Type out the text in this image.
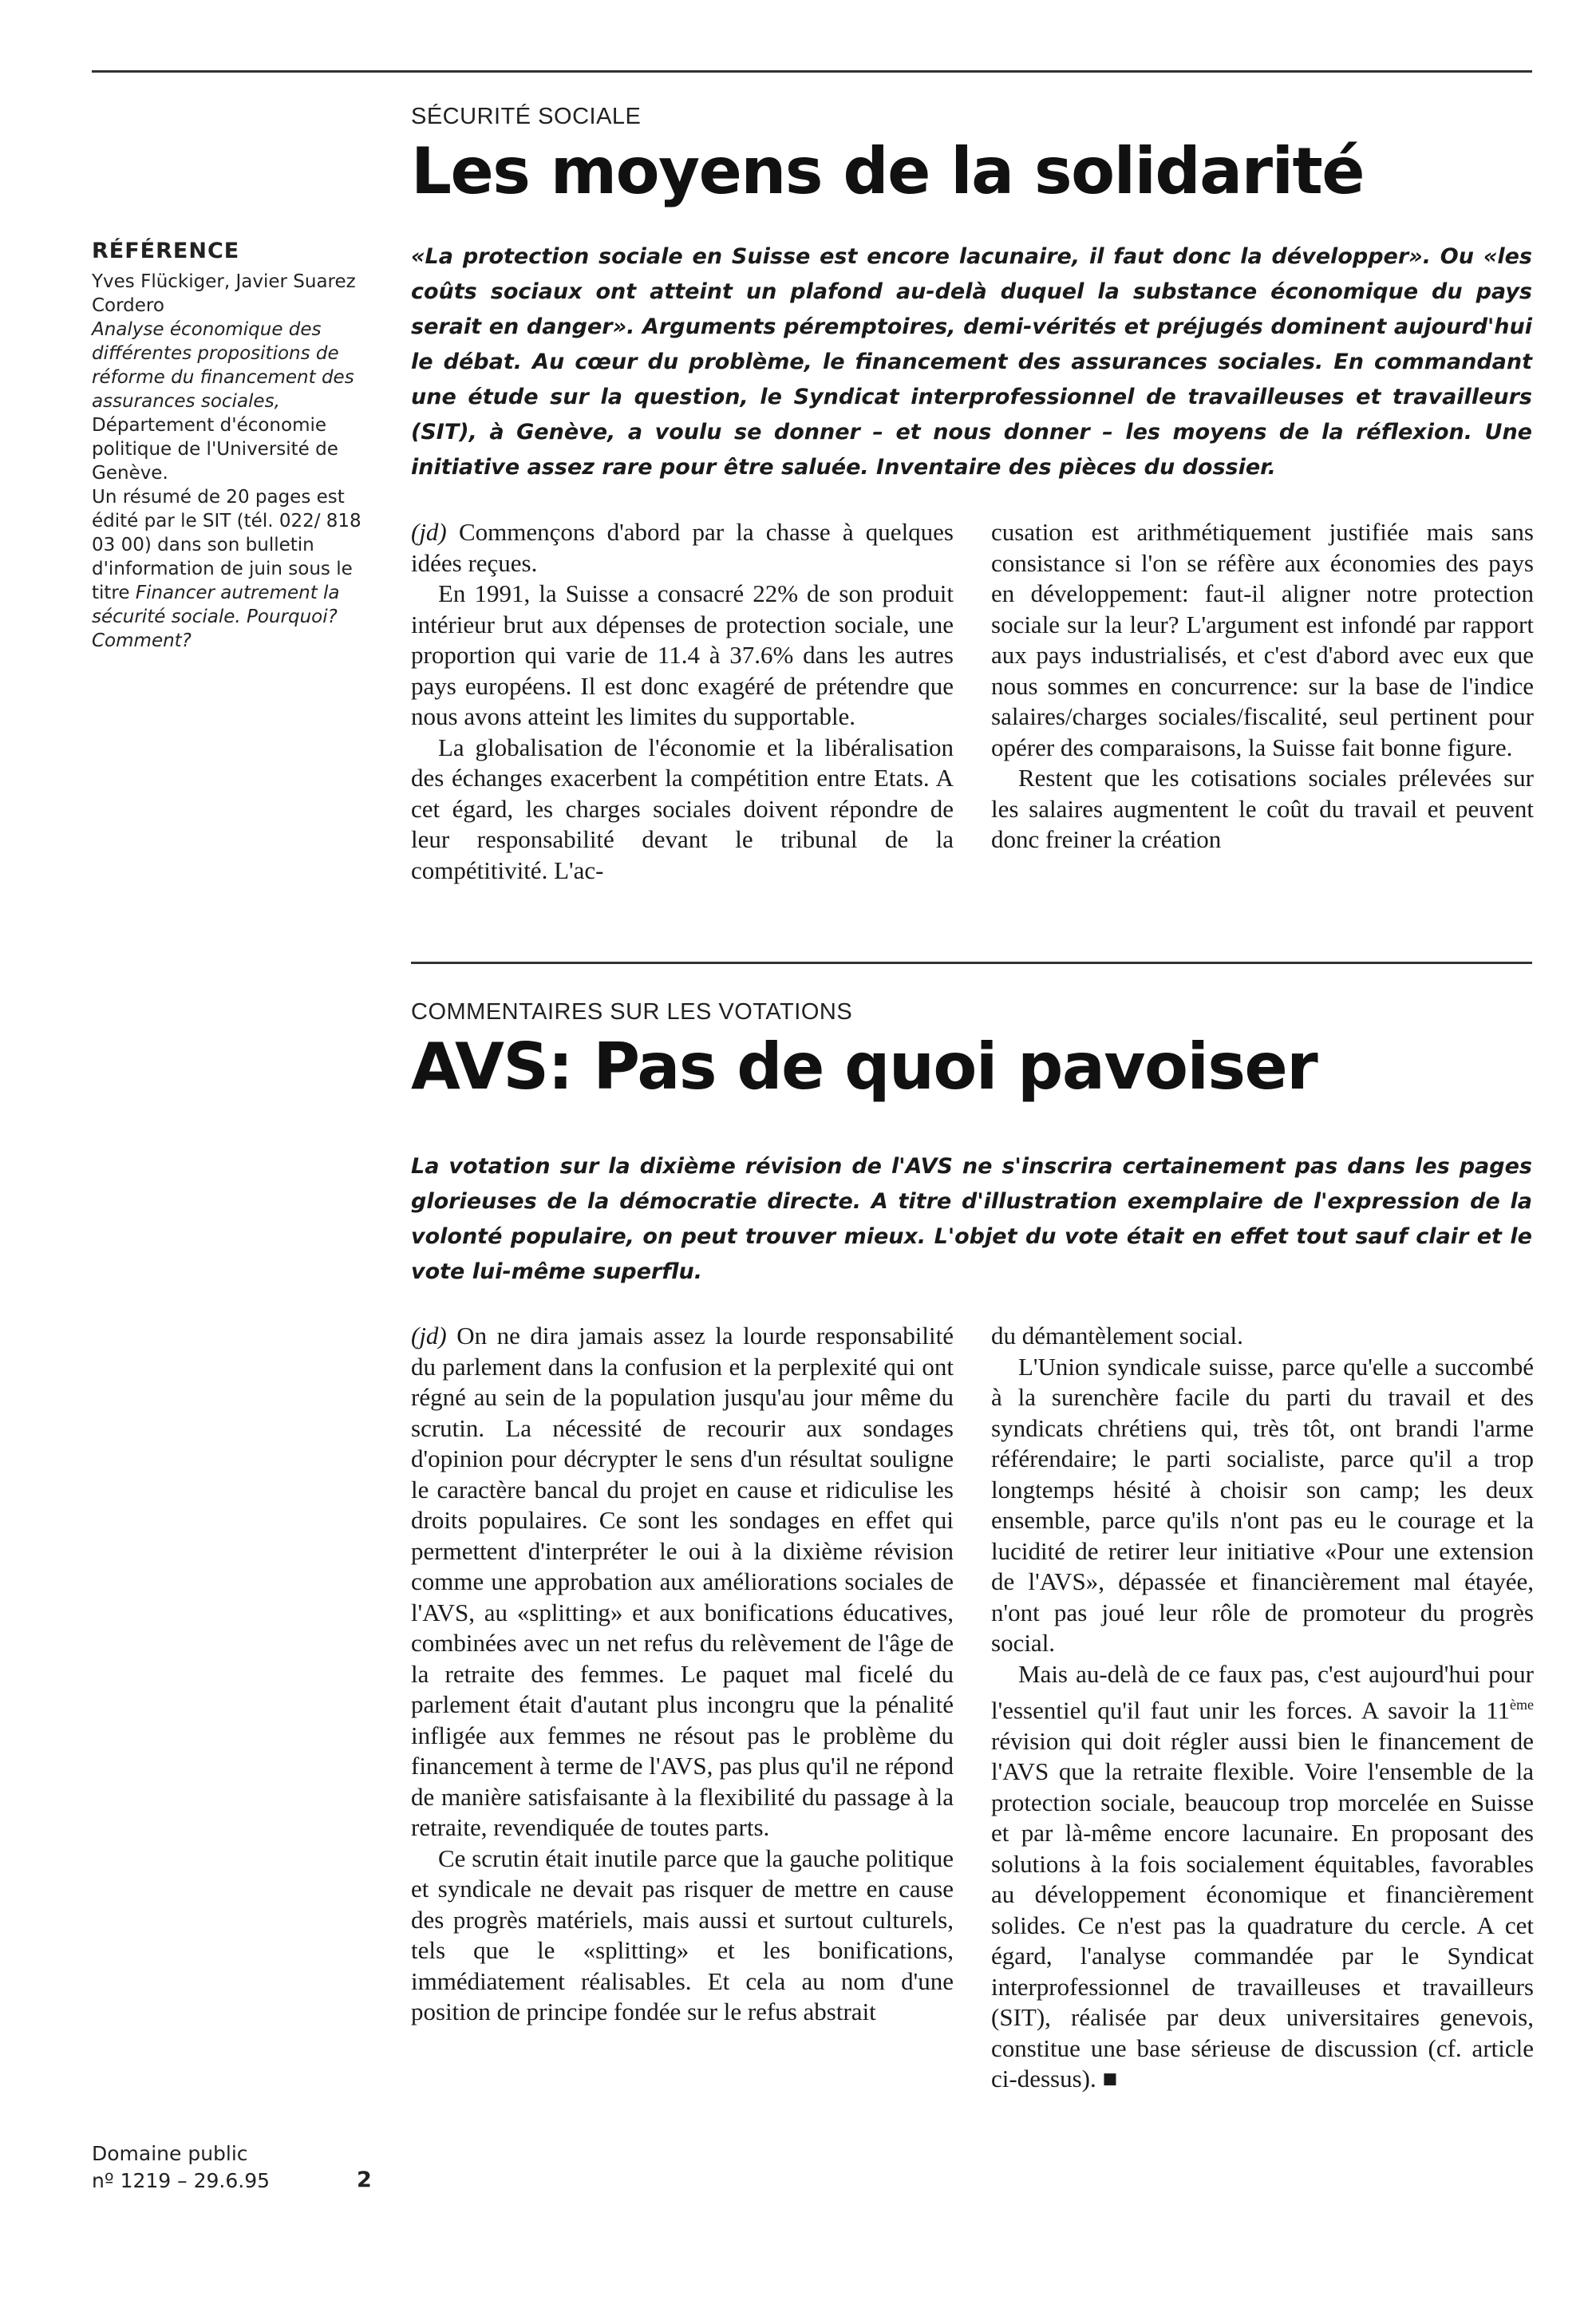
SÉCURITÉ SOCIALE
Les moyens de la solidarité

«La protection sociale en Suisse est encore lacunaire, il faut donc la développer». Ou «les coûts sociaux ont atteint un plafond au-delà duquel la substance économique du pays serait en danger». Arguments péremptoires, demi-vérités et préjugés dominent aujourd'hui le débat. Au cœur du problème, le financement des assurances sociales. En commandant une étude sur la question, le Syndicat interprofessionnel de travailleuses et travailleurs (SIT), à Genève, a voulu se donner – et nous donner – les moyens de la réflexion. Une initiative assez rare pour être saluée. Inventaire des pièces du dossier.

(jd) Commençons d'abord par la chasse à quelques idées reçues.

En 1991, la Suisse a consacré 22% de son produit intérieur brut aux dépenses de protection sociale, une proportion qui varie de 11.4 à 37.6% dans les autres pays européens. Il est donc exagéré de prétendre que nous avons atteint les limites du supportable.

La globalisation de l'économie et la libéralisation des échanges exacerbent la compétition entre Etats. A cet égard, les charges sociales doivent répondre de leur responsabilité devant le tribunal de la compétitivité. L'ac-

cusation est arithmétiquement justifiée mais sans consistance si l'on se réfère aux économies des pays en développement: faut-il aligner notre protection sociale sur la leur? L'argument est infondé par rapport aux pays industrialisés, et c'est d'abord avec eux que nous sommes en concurrence: sur la base de l'indice salaires/charges sociales/fiscalité, seul pertinent pour opérer des comparaisons, la Suisse fait bonne figure.

Restent que les cotisations sociales prélevées sur les salaires augmentent le coût du travail et peuvent donc freiner la création

RÉFÉRENCE
Yves Flückiger, Javier Suarez Cordero
Analyse économique des différentes propositions de réforme du financement des assurances sociales,
Département d'économie politique de l'Université de Genève.
Un résumé de 20 pages est édité par le SIT (tél. 022/ 818 03 00) dans son bulletin d'information de juin sous le titre Financer autrement la sécurité sociale. Pourquoi? Comment?
COMMENTAIRES SUR LES VOTATIONS
AVS: Pas de quoi pavoiser

La votation sur la dixième révision de l'AVS ne s'inscrira certainement pas dans les pages glorieuses de la démocratie directe. A titre d'illustration exemplaire de l'expression de la volonté populaire, on peut trouver mieux. L'objet du vote était en effet tout sauf clair et le vote lui-même superflu.

(jd) On ne dira jamais assez la lourde responsabilité du parlement dans la confusion et la perplexité qui ont régné au sein de la population jusqu'au jour même du scrutin. La nécessité de recourir aux sondages d'opinion pour décrypter le sens d'un résultat souligne le caractère bancal du projet en cause et ridiculise les droits populaires. Ce sont les sondages en effet qui permettent d'interpréter le oui à la dixième révision comme une approbation aux améliorations sociales de l'AVS, au «splitting» et aux bonifications éducatives, combinées avec un net refus du relèvement de l'âge de la retraite des femmes. Le paquet mal ficelé du parlement était d'autant plus incongru que la pénalité infligée aux femmes ne résout pas le problème du financement à terme de l'AVS, pas plus qu'il ne répond de manière satisfaisante à la flexibilité du passage à la retraite, revendiquée de toutes parts.

Ce scrutin était inutile parce que la gauche politique et syndicale ne devait pas risquer de mettre en cause des progrès matériels, mais aussi et surtout culturels, tels que le «splitting» et les bonifications, immédiatement réalisables. Et cela au nom d'une position de principe fondée sur le refus abstrait

du démantèlement social.

L'Union syndicale suisse, parce qu'elle a succombé à la surenchère facile du parti du travail et des syndicats chrétiens qui, très tôt, ont brandi l'arme référendaire; le parti socialiste, parce qu'il a trop longtemps hésité à choisir son camp; les deux ensemble, parce qu'ils n'ont pas eu le courage et la lucidité de retirer leur initiative «Pour une extension de l'AVS», dépassée et financièrement mal étayée, n'ont pas joué leur rôle de promoteur du progrès social.

Mais au-delà de ce faux pas, c'est aujourd'hui pour l'essentiel qu'il faut unir les forces. A savoir la 11ème révision qui doit régler aussi bien le financement de l'AVS que la retraite flexible. Voire l'ensemble de la protection sociale, beaucoup trop morcelée en Suisse et par là-même encore lacunaire. En proposant des solutions à la fois socialement équitables, favorables au développement économique et financièrement solides. Ce n'est pas la quadrature du cercle. A cet égard, l'analyse commandée par le Syndicat interprofessionnel de travailleuses et travailleurs (SIT), réalisée par deux universitaires genevois, constitue une base sérieuse de discussion (cf. article ci-dessus). ■

Domaine public
nº 1219 – 29.6.95	2
